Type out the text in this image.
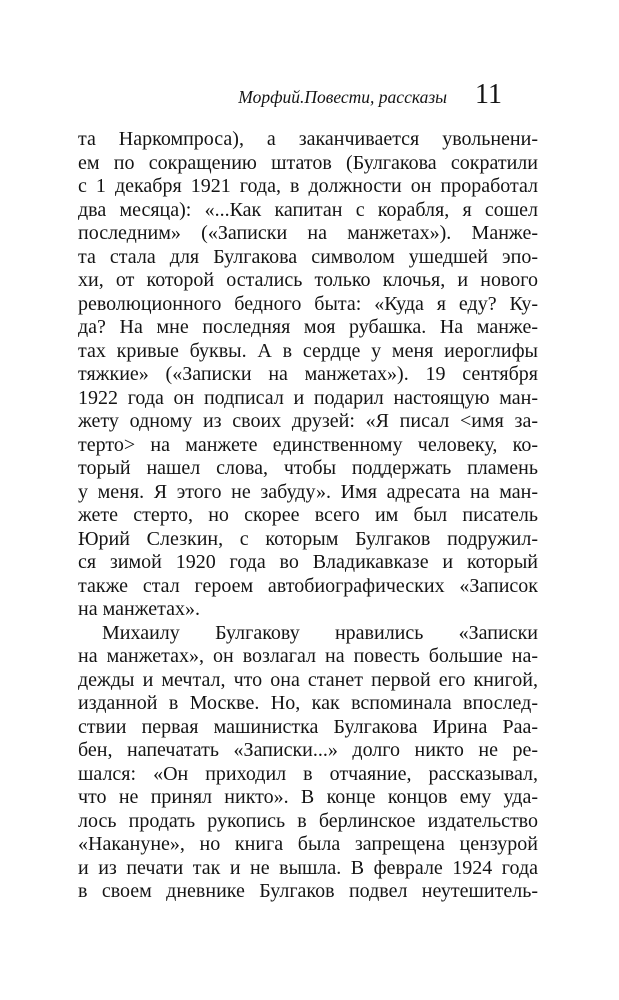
Морфий.Повести, рассказы 11
та Наркомпроса), а заканчивается увольнени-
ем по сокращению штатов (Булгакова сократили
с 1 декабря 1921 года, в должности он проработал
два месяца): «...Как капитан с корабля, я сошел
последним» («Записки на манжетах»). Манже-
та стала для Булгакова символом ушедшей эпо-
хи, от которой остались только клочья, и нового
революционного бедного быта: «Куда я еду? Ку-
да? На мне последняя моя рубашка. На манже-
тах кривые буквы. А в сердце у меня иероглифы
тяжкие» («Записки на манжетах»). 19 сентября
1922 года он подписал и подарил настоящую ман-
жету одному из своих друзей: «Я писал <имя за-
терто> на манжете единственному человеку, ко-
торый нашел слова, чтобы поддержать пламень
у меня. Я этого не забуду». Имя адресата на ман-
жете стерто, но скорее всего им был писатель
Юрий Слезкин, с которым Булгаков подружил-
ся зимой 1920 года во Владикавказе и который
также стал героем автобиографических «Записок
на манжетах».
Михаилу Булгакову нравились «Записки
на манжетах», он возлагал на повесть большие на-
дежды и мечтал, что она станет первой его книгой,
изданной в Москве. Но, как вспоминала впослед-
ствии первая машинистка Булгакова Ирина Раа-
бен, напечатать «Записки...» долго никто не ре-
шался: «Он приходил в отчаяние, рассказывал,
что не принял никто». В конце концов ему уда-
лось продать рукопись в берлинское издательство
«Накануне», но книга была запрещена цензурой
и из печати так и не вышла. В феврале 1924 года
в своем дневнике Булгаков подвел неутешитель-
